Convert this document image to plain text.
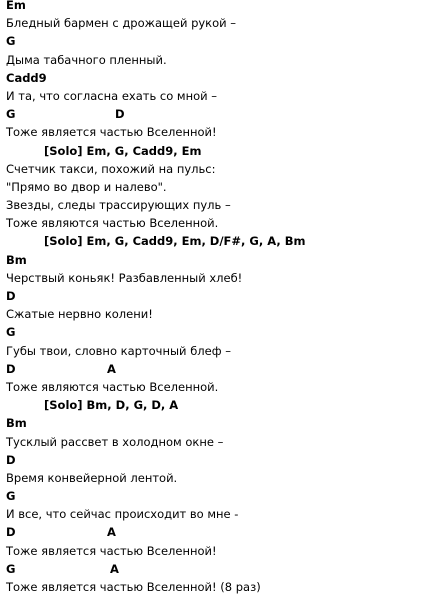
Em
Бледный бармен с дрожащей рукой –
G
Дыма табачного пленный.
Cadd9
И та, что согласна ехать со мной –
G	D
Тоже является частью Вселенной!
[Solo] Em, G, Cadd9, Em
Счетчик такси, похожий на пульс:
"Прямо во двор и налево".
Звезды, следы трассирующих пуль –
Тоже являются частью Вселенной.
[Solo] Em, G, Cadd9, Em, D/F#, G, A, Bm
Bm
Черствый коньяк! Разбавленный хлеб!
D
Сжатые нервно колени!
G
Губы твои, словно карточный блеф –
D	A
Тоже являются частью Вселенной.
[Solo] Bm, D, G, D, A
Bm
Тусклый рассвет в холодном окне –
D
Время конвейерной лентой.
G
И все, что сейчас происходит во мне -
D	A
Тоже является частью Вселенной!
G	A
Тоже является частью Вселенной! (8 раз)
